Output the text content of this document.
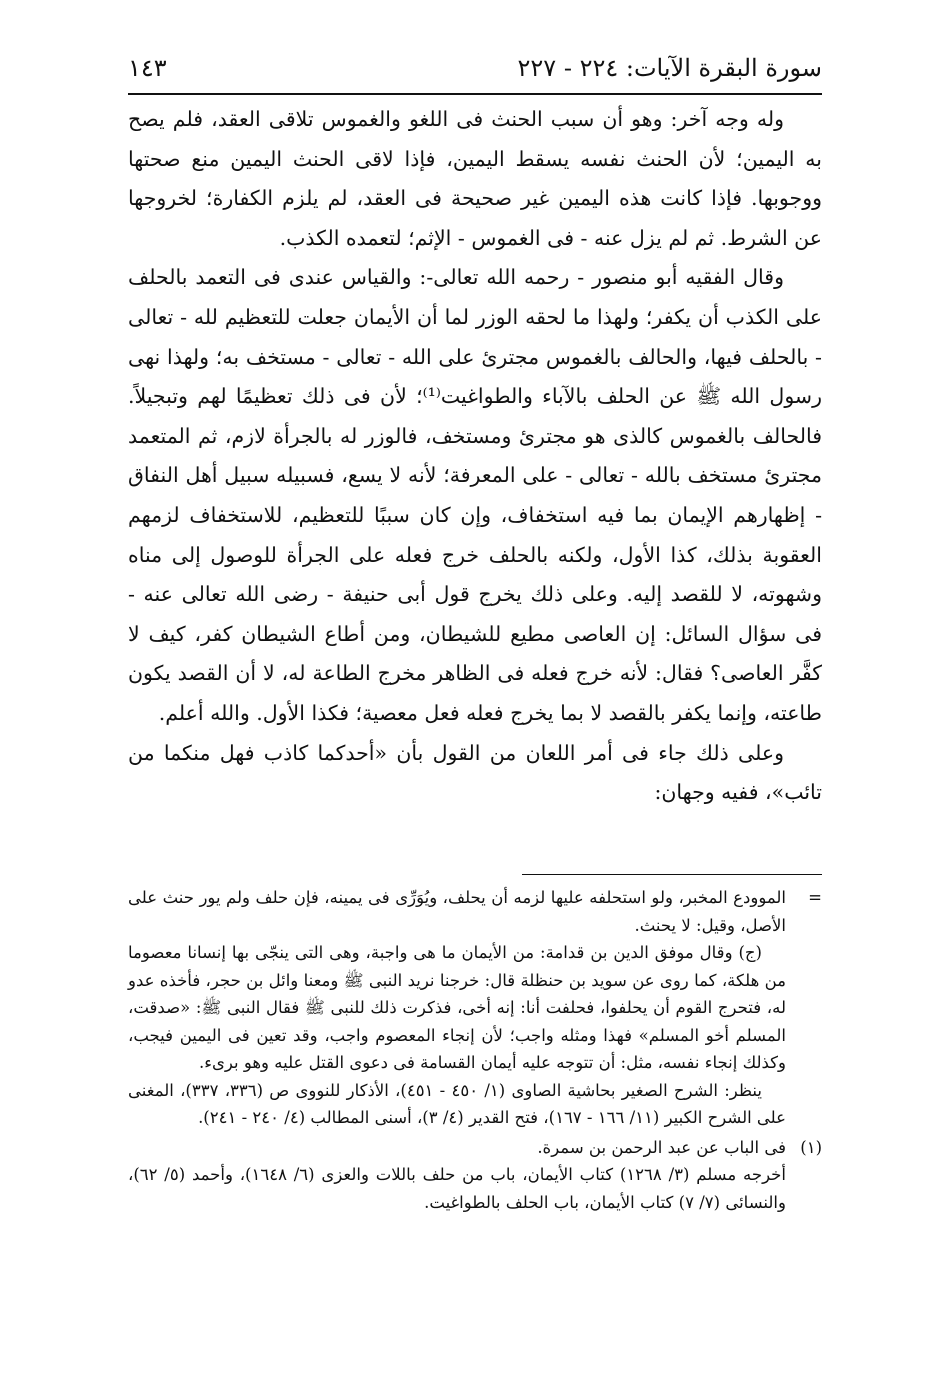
سورة البقرة الآيات: ٢٢٤ - ٢٢٧
١٤٣

وله وجه آخر: وهو أن سبب الحنث فى اللغو والغموس تلاقى العقد، فلم يصح به اليمين؛ لأن الحنث نفسه يسقط اليمين، فإذا لاقى الحنث اليمين منع صحتها ووجوبها. فإذا كانت هذه اليمين غير صحيحة فى العقد، لم يلزم الكفارة؛ لخروجها عن الشرط. ثم لم يزل عنه - فى الغموس - الإثم؛ لتعمده الكذب.

وقال الفقيه أبو منصور - رحمه الله تعالى-: والقياس عندى فى التعمد بالحلف على الكذب أن يكفر؛ ولهذا ما لحقه الوزر لما أن الأيمان جعلت للتعظيم لله - تعالى - بالحلف فيها، والحالف بالغموس مجترئ على الله - تعالى - مستخف به؛ ولهذا نهى رسول الله ﷺ عن الحلف بالآباء والطواغيت⁽¹⁾؛ لأن فى ذلك تعظيمًا لهم وتبجيلاً. فالحالف بالغموس كالذى هو مجترئ ومستخف، فالوزر له بالجرأة لازم، ثم المتعمد مجترئ مستخف بالله - تعالى - على المعرفة؛ لأنه لا يسع، فسبيله سبيل أهل النفاق - إظهارهم الإيمان بما فيه استخفاف، وإن كان سببًا للتعظيم، للاستخفاف لزمهم العقوبة بذلك، كذا الأول، ولكنه بالحلف خرج فعله على الجرأة للوصول إلى مناه وشهوته، لا للقصد إليه. وعلى ذلك يخرج قول أبى حنيفة - رضى الله تعالى عنه - فى سؤال السائل: إن العاصى مطيع للشيطان، ومن أطاع الشيطان كفر، كيف لا كفَّر العاصى؟ فقال: لأنه خرج فعله فى الظاهر مخرج الطاعة له، لا أن القصد يكون طاعته، وإنما يكفر بالقصد لا بما يخرج فعله فعل معصية؛ فكذا الأول. والله أعلم.

وعلى ذلك جاء فى أمر اللعان من القول بأن «أحدكما كاذب فهل منكما من تائب»، ففيه وجهان:

=

الموودع المخبر، ولو استحلفه عليها لزمه أن يحلف، ويُوَرِّى فى يمينه، فإن حلف ولم يور حنث على الأصل، وقيل: لا يحنث.

(ج) وقال موفق الدين بن قدامة: من الأيمان ما هى واجبة، وهى التى ينجّى بها إنسانا معصوما من هلكة، كما روى عن سويد بن حنظلة قال: خرجنا نريد النبى ﷺ ومعنا وائل بن حجر، فأخذه عدو له، فتحرج القوم أن يحلفوا، فحلفت أنا: إنه أخى، فذكرت ذلك للنبى ﷺ فقال النبى ﷺ: «صدقت، المسلم أخو المسلم» فهذا ومثله واجب؛ لأن إنجاء المعصوم واجب، وقد تعين فى اليمين فيجب، وكذلك إنجاء نفسه، مثل: أن تتوجه عليه أيمان القسامة فى دعوى القتل عليه وهو برىء.

ينظر: الشرح الصغير بحاشية الصاوى (١/ ٤٥٠ - ٤٥١)، الأذكار للنووى ص (٣٣٦، ٣٣٧)، المغنى على الشرح الكبير (١١/ ١٦٦ - ١٦٧)، فتح القدير (٤/ ٣)، أسنى المطالب (٤/ ٢٤٠ - ٢٤١).

(١)

فى الباب عن عبد الرحمن بن سمرة.

أخرجه مسلم (٣/ ١٢٦٨) كتاب الأيمان، باب من حلف باللات والعزى (٦/ ١٦٤٨)، وأحمد (٥/ ٦٢)، والنسائى (٧/ ٧) كتاب الأيمان، باب الحلف بالطواغيت.
